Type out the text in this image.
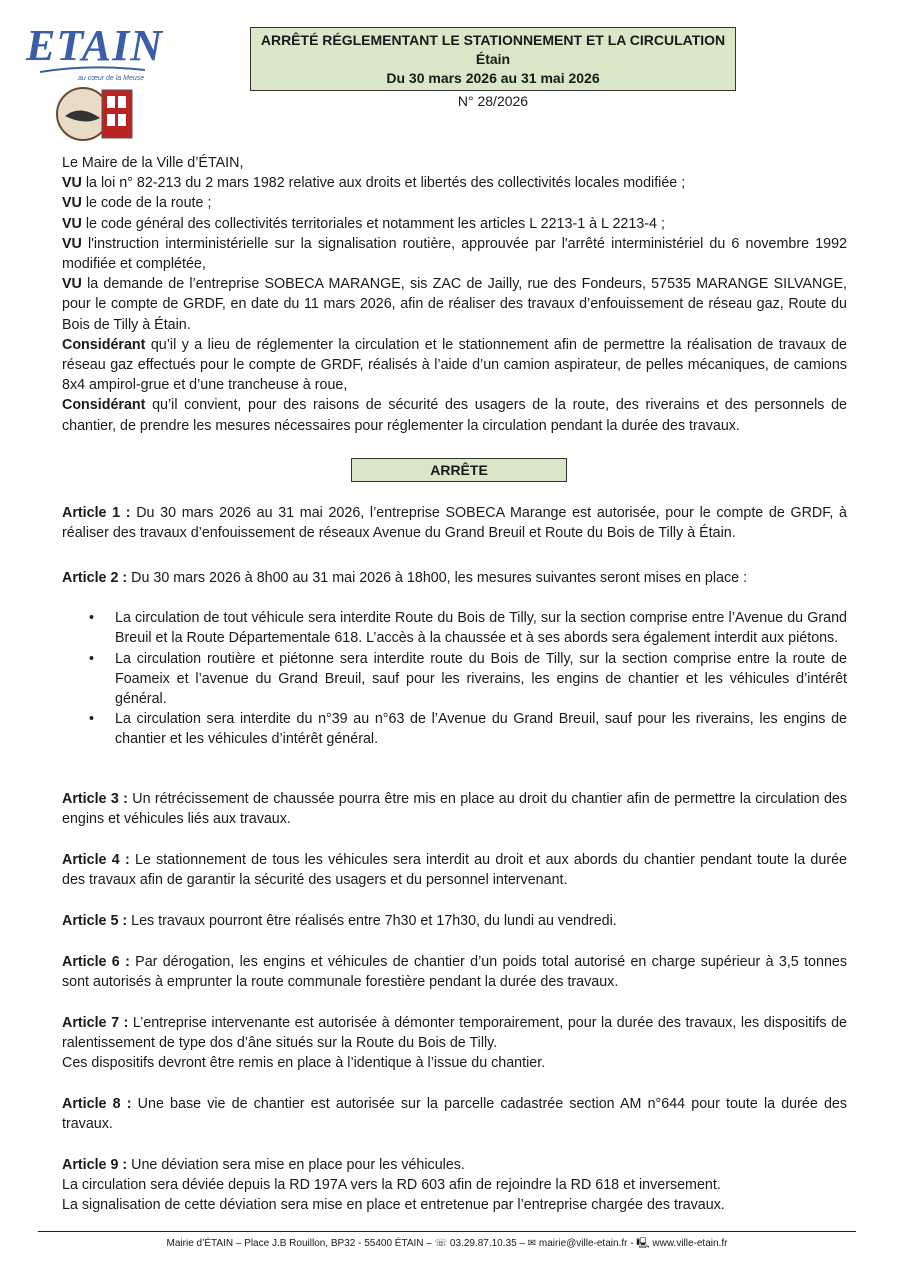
ETAIN
au cœur de la Meuse
ARRÊTÉ RÉGLEMENTANT LE STATIONNEMENT ET LA CIRCULATION
Étain
Du 30 mars 2026 au 31 mai 2026
N° 28/2026

Le Maire de la Ville d’ÉTAIN,

VU la loi n° 82-213 du 2 mars 1982 relative aux droits et libertés des collectivités locales modifiée ;

VU le code de la route ;

VU le code général des collectivités territoriales et notamment les articles L 2213-1 à L 2213-4 ;

VU l'instruction interministérielle sur la signalisation routière, approuvée par l'arrêté interministériel du 6 novembre 1992 modifiée et complétée,

VU la demande de l’entreprise SOBECA MARANGE, sis ZAC de Jailly, rue des Fondeurs, 57535 MARANGE SILVANGE, pour le compte de GRDF, en date du 11 mars 2026, afin de réaliser des travaux d’enfouissement de réseau gaz, Route du Bois de Tilly à Étain.

Considérant qu’il y a lieu de réglementer la circulation et le stationnement afin de permettre la réalisation de travaux de réseau gaz effectués pour le compte de GRDF, réalisés à l’aide d’un camion aspirateur, de pelles mécaniques, de camions 8x4 ampirol-grue et d’une trancheuse à roue,

Considérant qu’il convient, pour des raisons de sécurité des usagers de la route, des riverains et des personnels de chantier, de prendre les mesures nécessaires pour réglementer la circulation pendant la durée des travaux.

ARRÊTE

Article 1 : Du 30 mars 2026 au 31 mai 2026, l’entreprise SOBECA Marange est autorisée, pour le compte de GRDF, à réaliser des travaux d’enfouissement de réseaux Avenue du Grand Breuil et Route du Bois de Tilly à Étain.

Article 2 : Du 30 mars 2026 à 8h00 au 31 mai 2026 à 18h00, les mesures suivantes seront mises en place :

• La circulation de tout véhicule sera interdite Route du Bois de Tilly, sur la section comprise entre l’Avenue du Grand Breuil et la Route Départementale 618. L’accès à la chaussée et à ses abords sera également interdit aux piétons.
• La circulation routière et piétonne sera interdite route du Bois de Tilly, sur la section comprise entre la route de Foameix et l’avenue du Grand Breuil, sauf pour les riverains, les engins de chantier et les véhicules d’intérêt général.
• La circulation sera interdite du n°39 au n°63 de l’Avenue du Grand Breuil, sauf pour les riverains, les engins de chantier et les véhicules d’intérêt général.

Article 3 : Un rétrécissement de chaussée pourra être mis en place au droit du chantier afin de permettre la circulation des engins et véhicules liés aux travaux.

Article 4 : Le stationnement de tous les véhicules sera interdit au droit et aux abords du chantier pendant toute la durée des travaux afin de garantir la sécurité des usagers et du personnel intervenant.

Article 5 : Les travaux pourront être réalisés entre 7h30 et 17h30, du lundi au vendredi.

Article 6 : Par dérogation, les engins et véhicules de chantier d’un poids total autorisé en charge supérieur à 3,5 tonnes sont autorisés à emprunter la route communale forestière pendant la durée des travaux.

Article 7 : L’entreprise intervenante est autorisée à démonter temporairement, pour la durée des travaux, les dispositifs de ralentissement de type dos d’âne situés sur la Route du Bois de Tilly.

Ces dispositifs devront être remis en place à l’identique à l’issue du chantier.

Article 8 : Une base vie de chantier est autorisée sur la parcelle cadastrée section AM n°644 pour toute la durée des travaux.

Article 9 : Une déviation sera mise en place pour les véhicules.

La circulation sera déviée depuis la RD 197A vers la RD 603 afin de rejoindre la RD 618 et inversement.

La signalisation de cette déviation sera mise en place et entretenue par l’entreprise chargée des travaux.

Mairie d’ÉTAIN – Place J.B Rouillon, BP32 - 55400 ÉTAIN – ☏ 03.29.87.10.35 – ✉ mairie@ville-etain.fr - 🖳 www.ville-etain.fr
